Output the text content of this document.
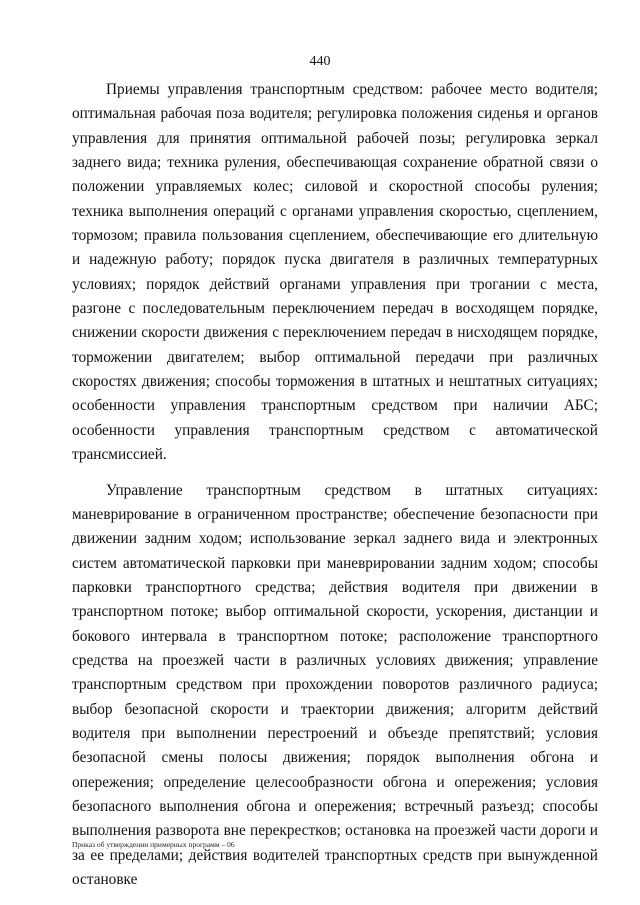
440

Приемы управления транспортным средством: рабочее место водителя; оптимальная рабочая поза водителя; регулировка положения сиденья и органов управления для принятия оптимальной рабочей позы; регулировка зеркал заднего вида; техника руления, обеспечивающая сохранение обратной связи о положении управляемых колес; силовой и скоростной способы руления; техника выполнения операций с органами управления скоростью, сцеплением, тормозом; правила пользования сцеплением, обеспечивающие его длительную и надежную работу; порядок пуска двигателя в различных температурных условиях; порядок действий органами управления при трогании с места, разгоне с последовательным переключением передач в восходящем порядке, снижении скорости движения с переключением передач в нисходящем порядке, торможении двигателем; выбор оптимальной передачи при различных скоростях движения; способы торможения в штатных и нештатных ситуациях; особенности управления транспортным средством при наличии АБС; особенности управления транспортным средством с автоматической трансмиссией.

Управление транспортным средством в штатных ситуациях: маневрирование в ограниченном пространстве; обеспечение безопасности при движении задним ходом; использование зеркал заднего вида и электронных систем автоматической парковки при маневрировании задним ходом; способы парковки транспортного средства; действия водителя при движении в транспортном потоке; выбор оптимальной скорости, ускорения, дистанции и бокового интервала в транспортном потоке; расположение транспортного средства на проезжей части в различных условиях движения; управление транспортным средством при прохождении поворотов различного радиуса; выбор безопасной скорости и траектории движения; алгоритм действий водителя при выполнении перестроений и объезде препятствий; условия безопасной смены полосы движения; порядок выполнения обгона и опережения; определение целесообразности обгона и опережения; условия безопасного выполнения обгона и опережения; встречный разъезд; способы выполнения разворота вне перекрестков; остановка на проезжей части дороги и за ее пределами; действия водителей транспортных средств при вынужденной остановке

Приказ об утверждении примерных программ – 06
